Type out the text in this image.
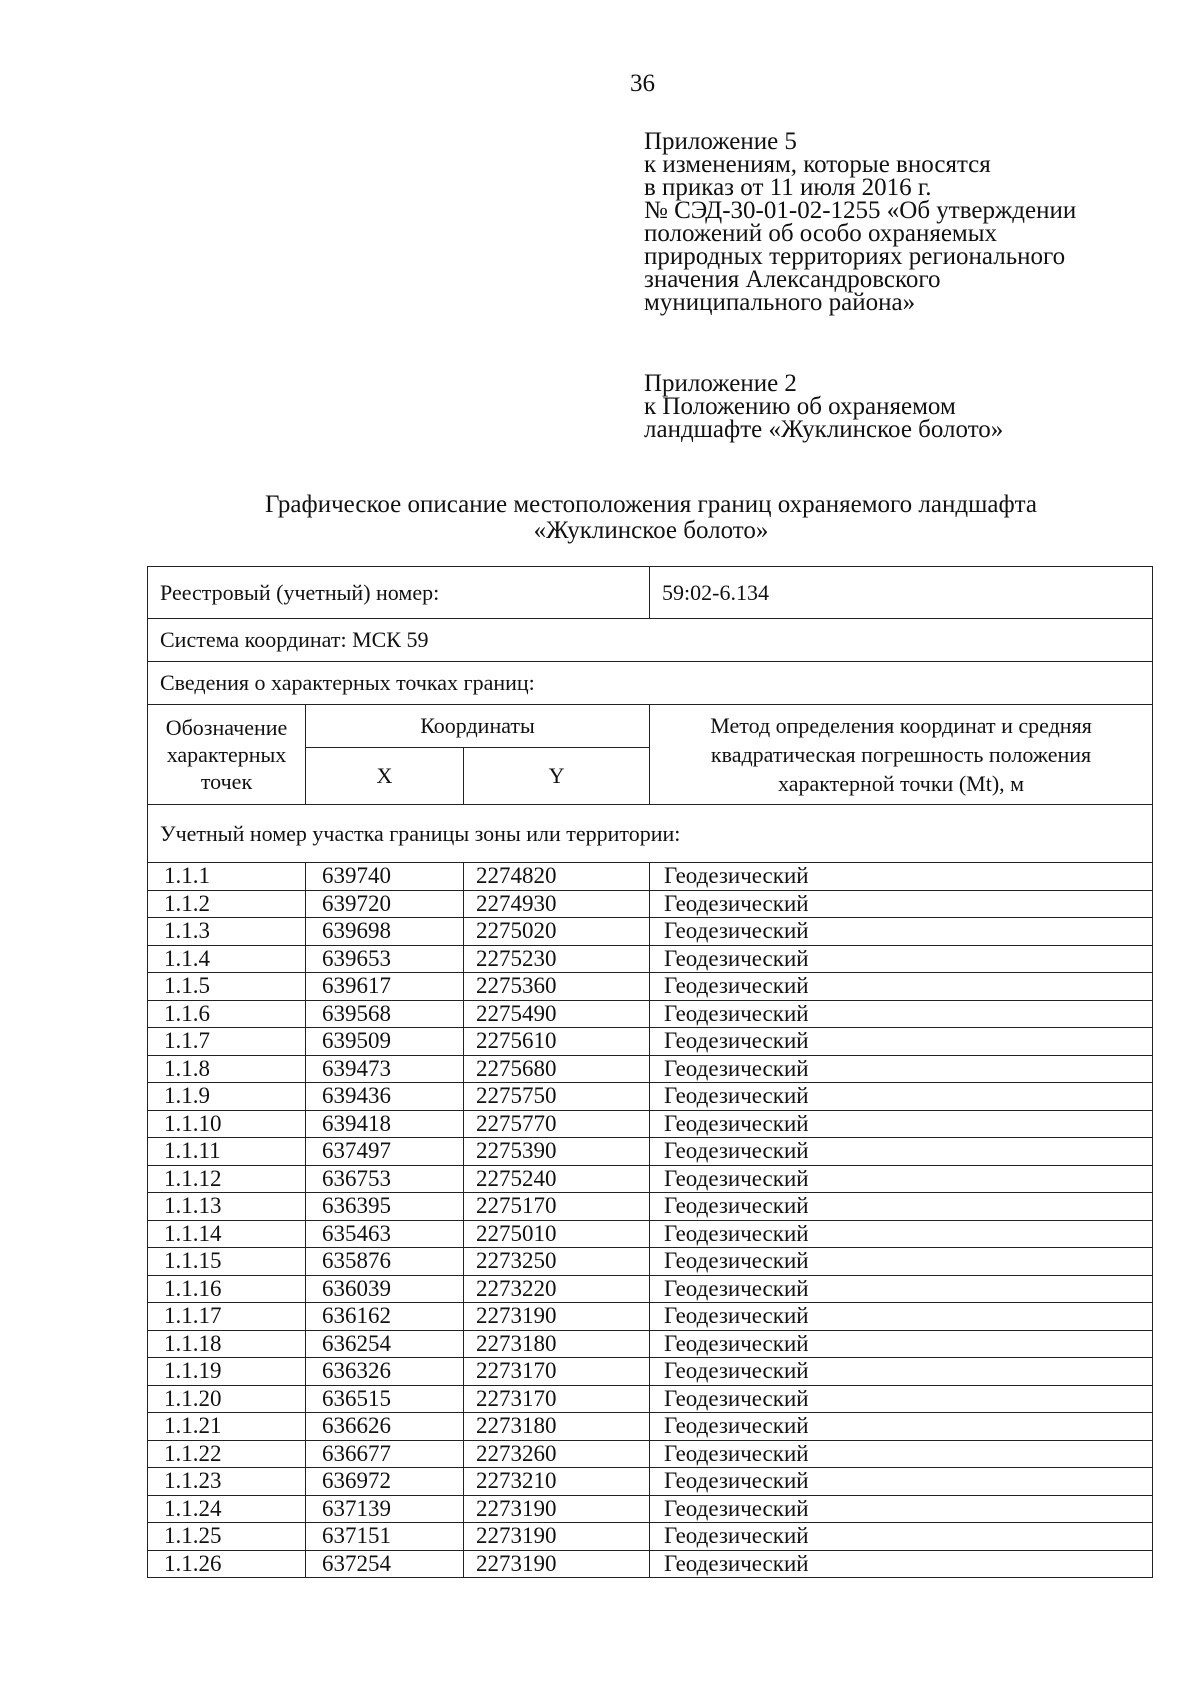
36
Приложение 5
к изменениям, которые вносятся
в приказ от 11 июля 2016 г.
№ СЭД-30-01-02-1255 «Об утверждении
положений об особо охраняемых
природных территориях регионального
значения Александровского
муниципального района»
Приложение 2
к Положению об охраняемом
ландшафте «Жуклинское болото»
Графическое описание местоположения границ охраняемого ландшафта
«Жуклинское болото»
Реестровый (учетный) номер:			59:02-6.134
Система координат: МСК 59			
Сведения о характерных точках границ:			
Обозначение характерных точек	Координаты		Метод определения координат и средняя квадратическая погрешность положения характерной точки (Mt), м
	X	Y	
Учетный номер участка границы зоны или территории:			
1.1.1	639740	2274820	Геодезический
1.1.2	639720	2274930	Геодезический
1.1.3	639698	2275020	Геодезический
1.1.4	639653	2275230	Геодезический
1.1.5	639617	2275360	Геодезический
1.1.6	639568	2275490	Геодезический
1.1.7	639509	2275610	Геодезический
1.1.8	639473	2275680	Геодезический
1.1.9	639436	2275750	Геодезический
1.1.10	639418	2275770	Геодезический
1.1.11	637497	2275390	Геодезический
1.1.12	636753	2275240	Геодезический
1.1.13	636395	2275170	Геодезический
1.1.14	635463	2275010	Геодезический
1.1.15	635876	2273250	Геодезический
1.1.16	636039	2273220	Геодезический
1.1.17	636162	2273190	Геодезический
1.1.18	636254	2273180	Геодезический
1.1.19	636326	2273170	Геодезический
1.1.20	636515	2273170	Геодезический
1.1.21	636626	2273180	Геодезический
1.1.22	636677	2273260	Геодезический
1.1.23	636972	2273210	Геодезический
1.1.24	637139	2273190	Геодезический
1.1.25	637151	2273190	Геодезический
1.1.26	637254	2273190	Геодезический
